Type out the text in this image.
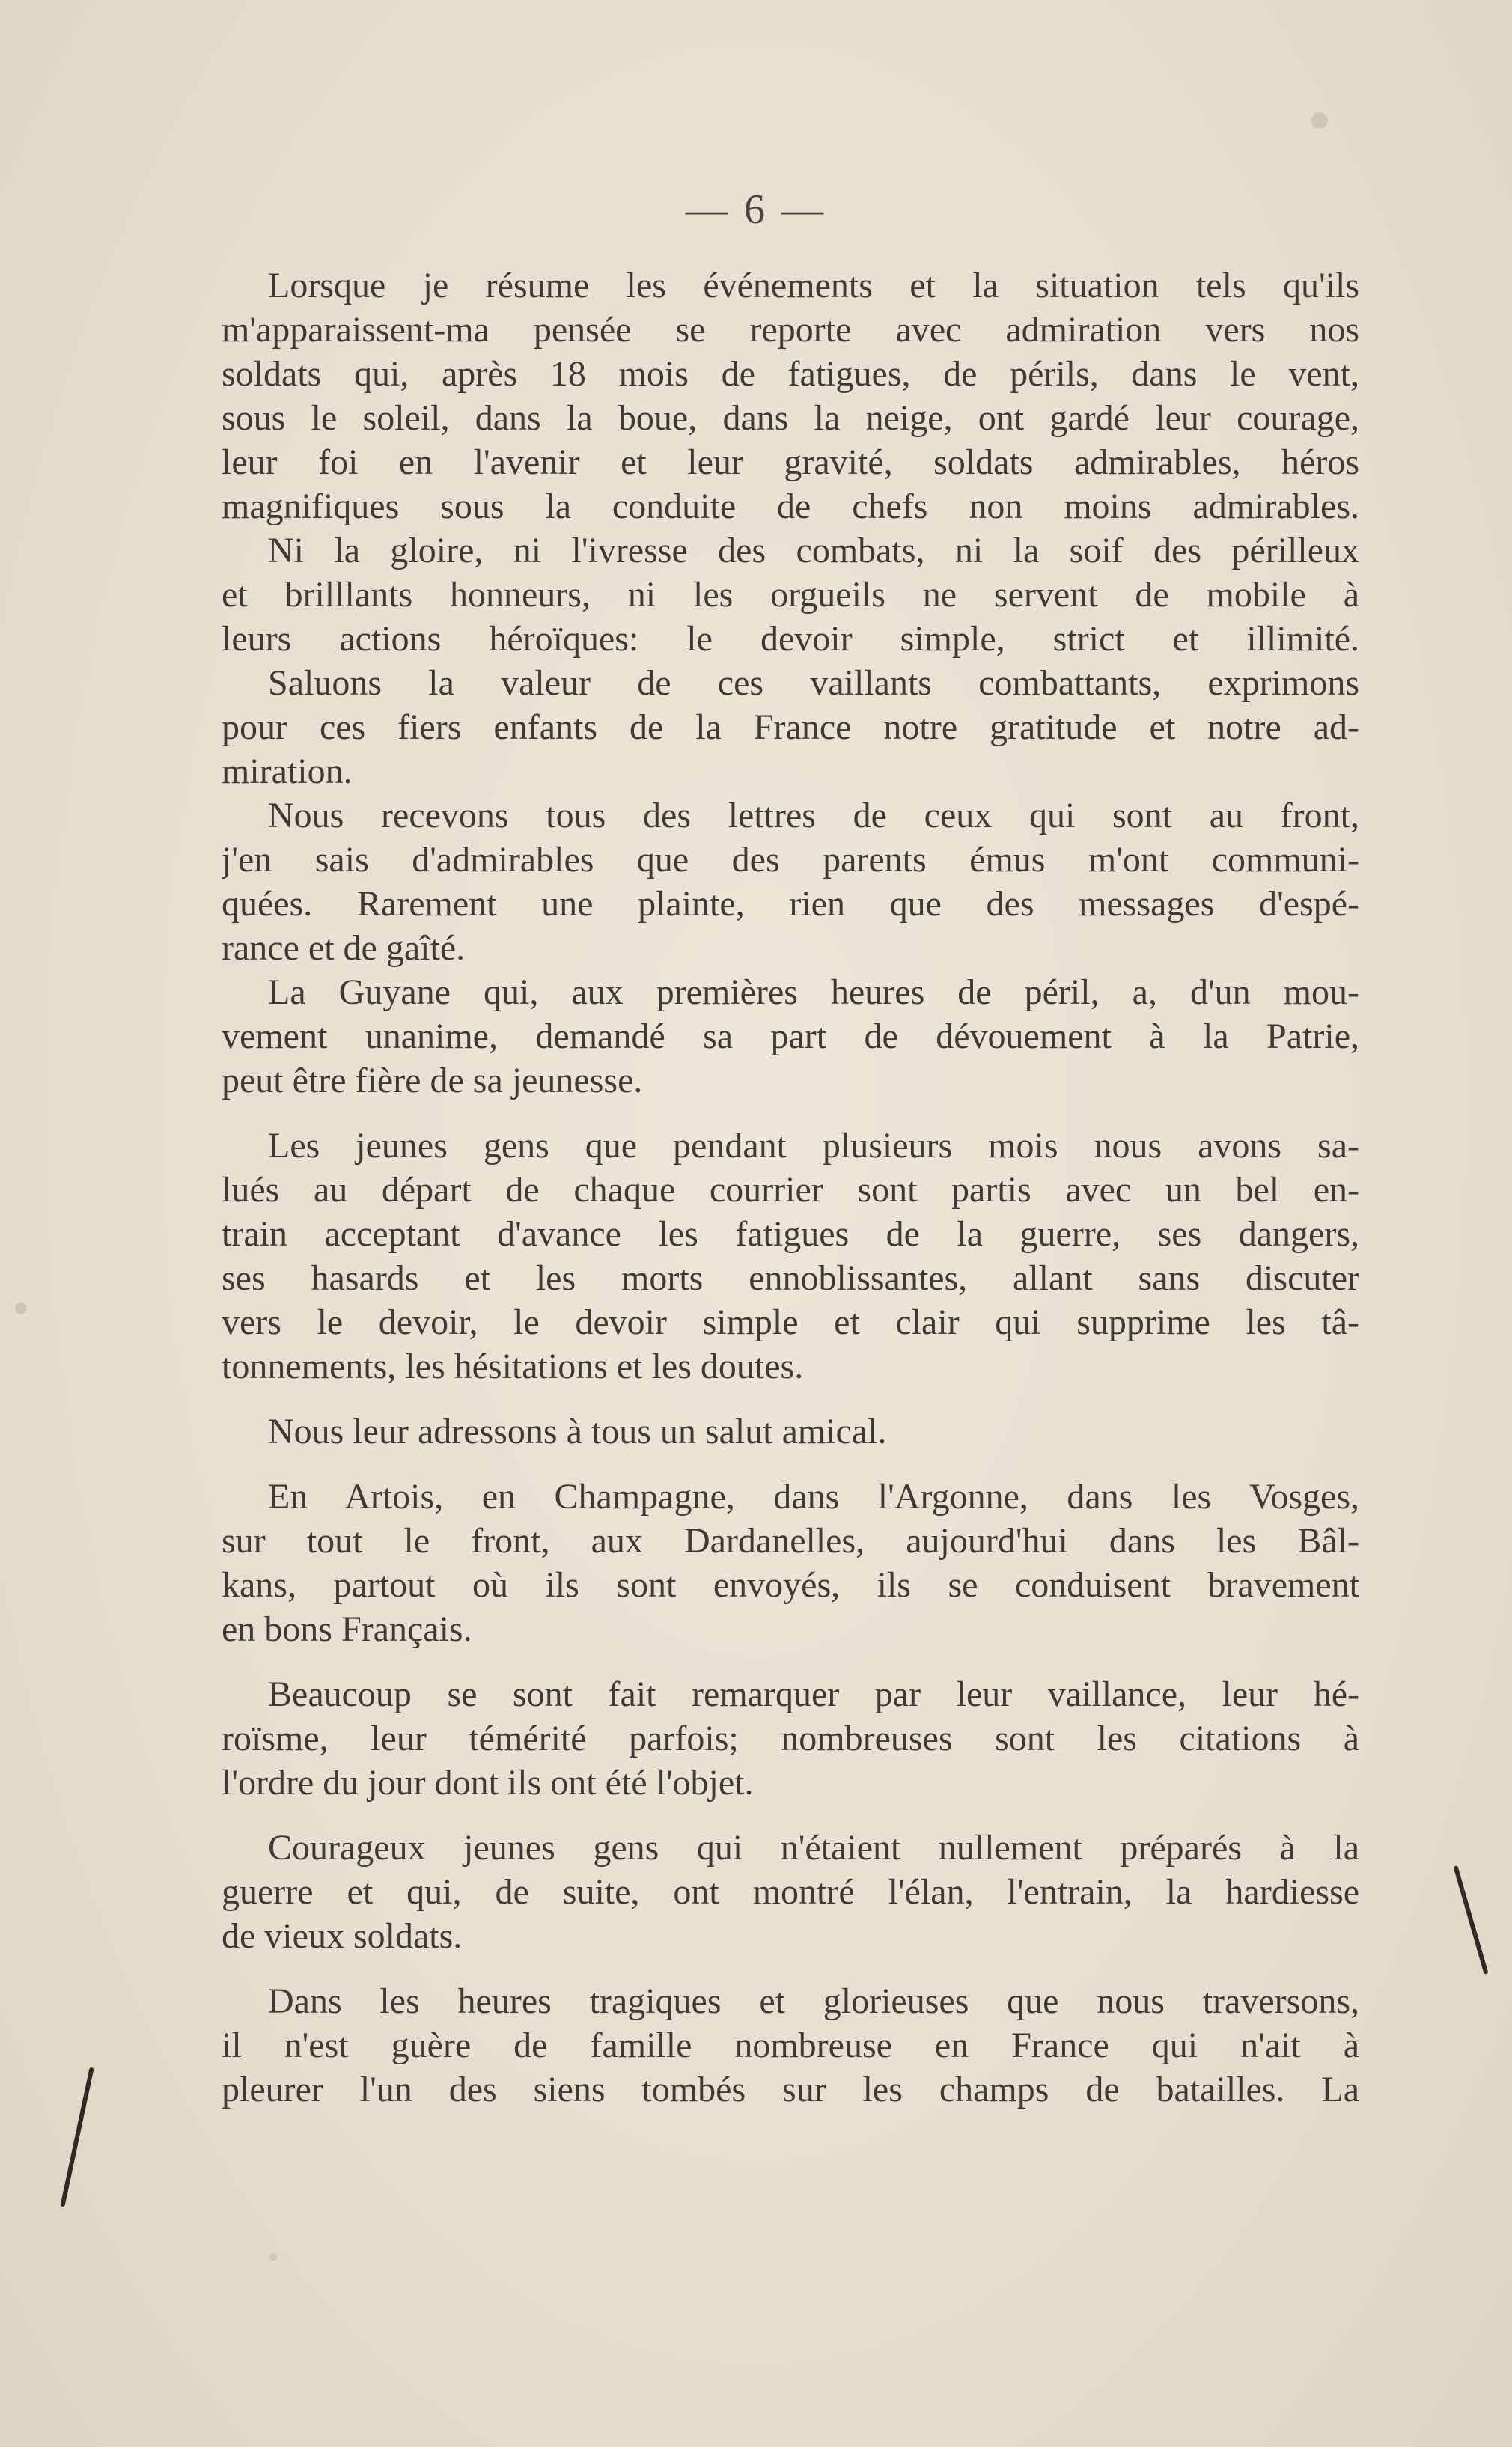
— 6 —
Lorsque je résume les événements et la situation tels qu'ils
m'apparaissent-ma pensée se reporte avec admiration vers nos
soldats qui, après 18 mois de fatigues, de périls, dans le vent,
sous le soleil, dans la boue, dans la neige, ont gardé leur courage,
leur foi en l'avenir et leur gravité, soldats admirables, héros
magnifiques sous la conduite de chefs non moins admirables.
Ni la gloire, ni l'ivresse des combats, ni la soif des périlleux
et brilllants honneurs, ni les orgueils ne servent de mobile à
leurs actions héroïques: le devoir simple, strict et illimité.
Saluons la valeur de ces vaillants combattants, exprimons
pour ces fiers enfants de la France notre gratitude et notre ad-
miration.
Nous recevons tous des lettres de ceux qui sont au front,
j'en sais d'admirables que des parents émus m'ont communi-
quées. Rarement une plainte, rien que des messages d'espé-
rance et de gaîté.
La Guyane qui, aux premières heures de péril, a, d'un mou-
vement unanime, demandé sa part de dévouement à la Patrie,
peut être fière de sa jeunesse.
Les jeunes gens que pendant plusieurs mois nous avons sa-
lués au départ de chaque courrier sont partis avec un bel en-
train acceptant d'avance les fatigues de la guerre, ses dangers,
ses hasards et les morts ennoblissantes, allant sans discuter
vers le devoir, le devoir simple et clair qui supprime les tâ-
tonnements, les hésitations et les doutes.
Nous leur adressons à tous un salut amical.
En Artois, en Champagne, dans l'Argonne, dans les Vosges,
sur tout le front, aux Dardanelles, aujourd'hui dans les Bâl-
kans, partout où ils sont envoyés, ils se conduisent bravement
en bons Français.
Beaucoup se sont fait remarquer par leur vaillance, leur hé-
roïsme, leur témérité parfois; nombreuses sont les citations à
l'ordre du jour dont ils ont été l'objet.
Courageux jeunes gens qui n'étaient nullement préparés à la
guerre et qui, de suite, ont montré l'élan, l'entrain, la hardiesse
de vieux soldats.
Dans les heures tragiques et glorieuses que nous traversons,
il n'est guère de famille nombreuse en France qui n'ait à
pleurer l'un des siens tombés sur les champs de batailles. La
